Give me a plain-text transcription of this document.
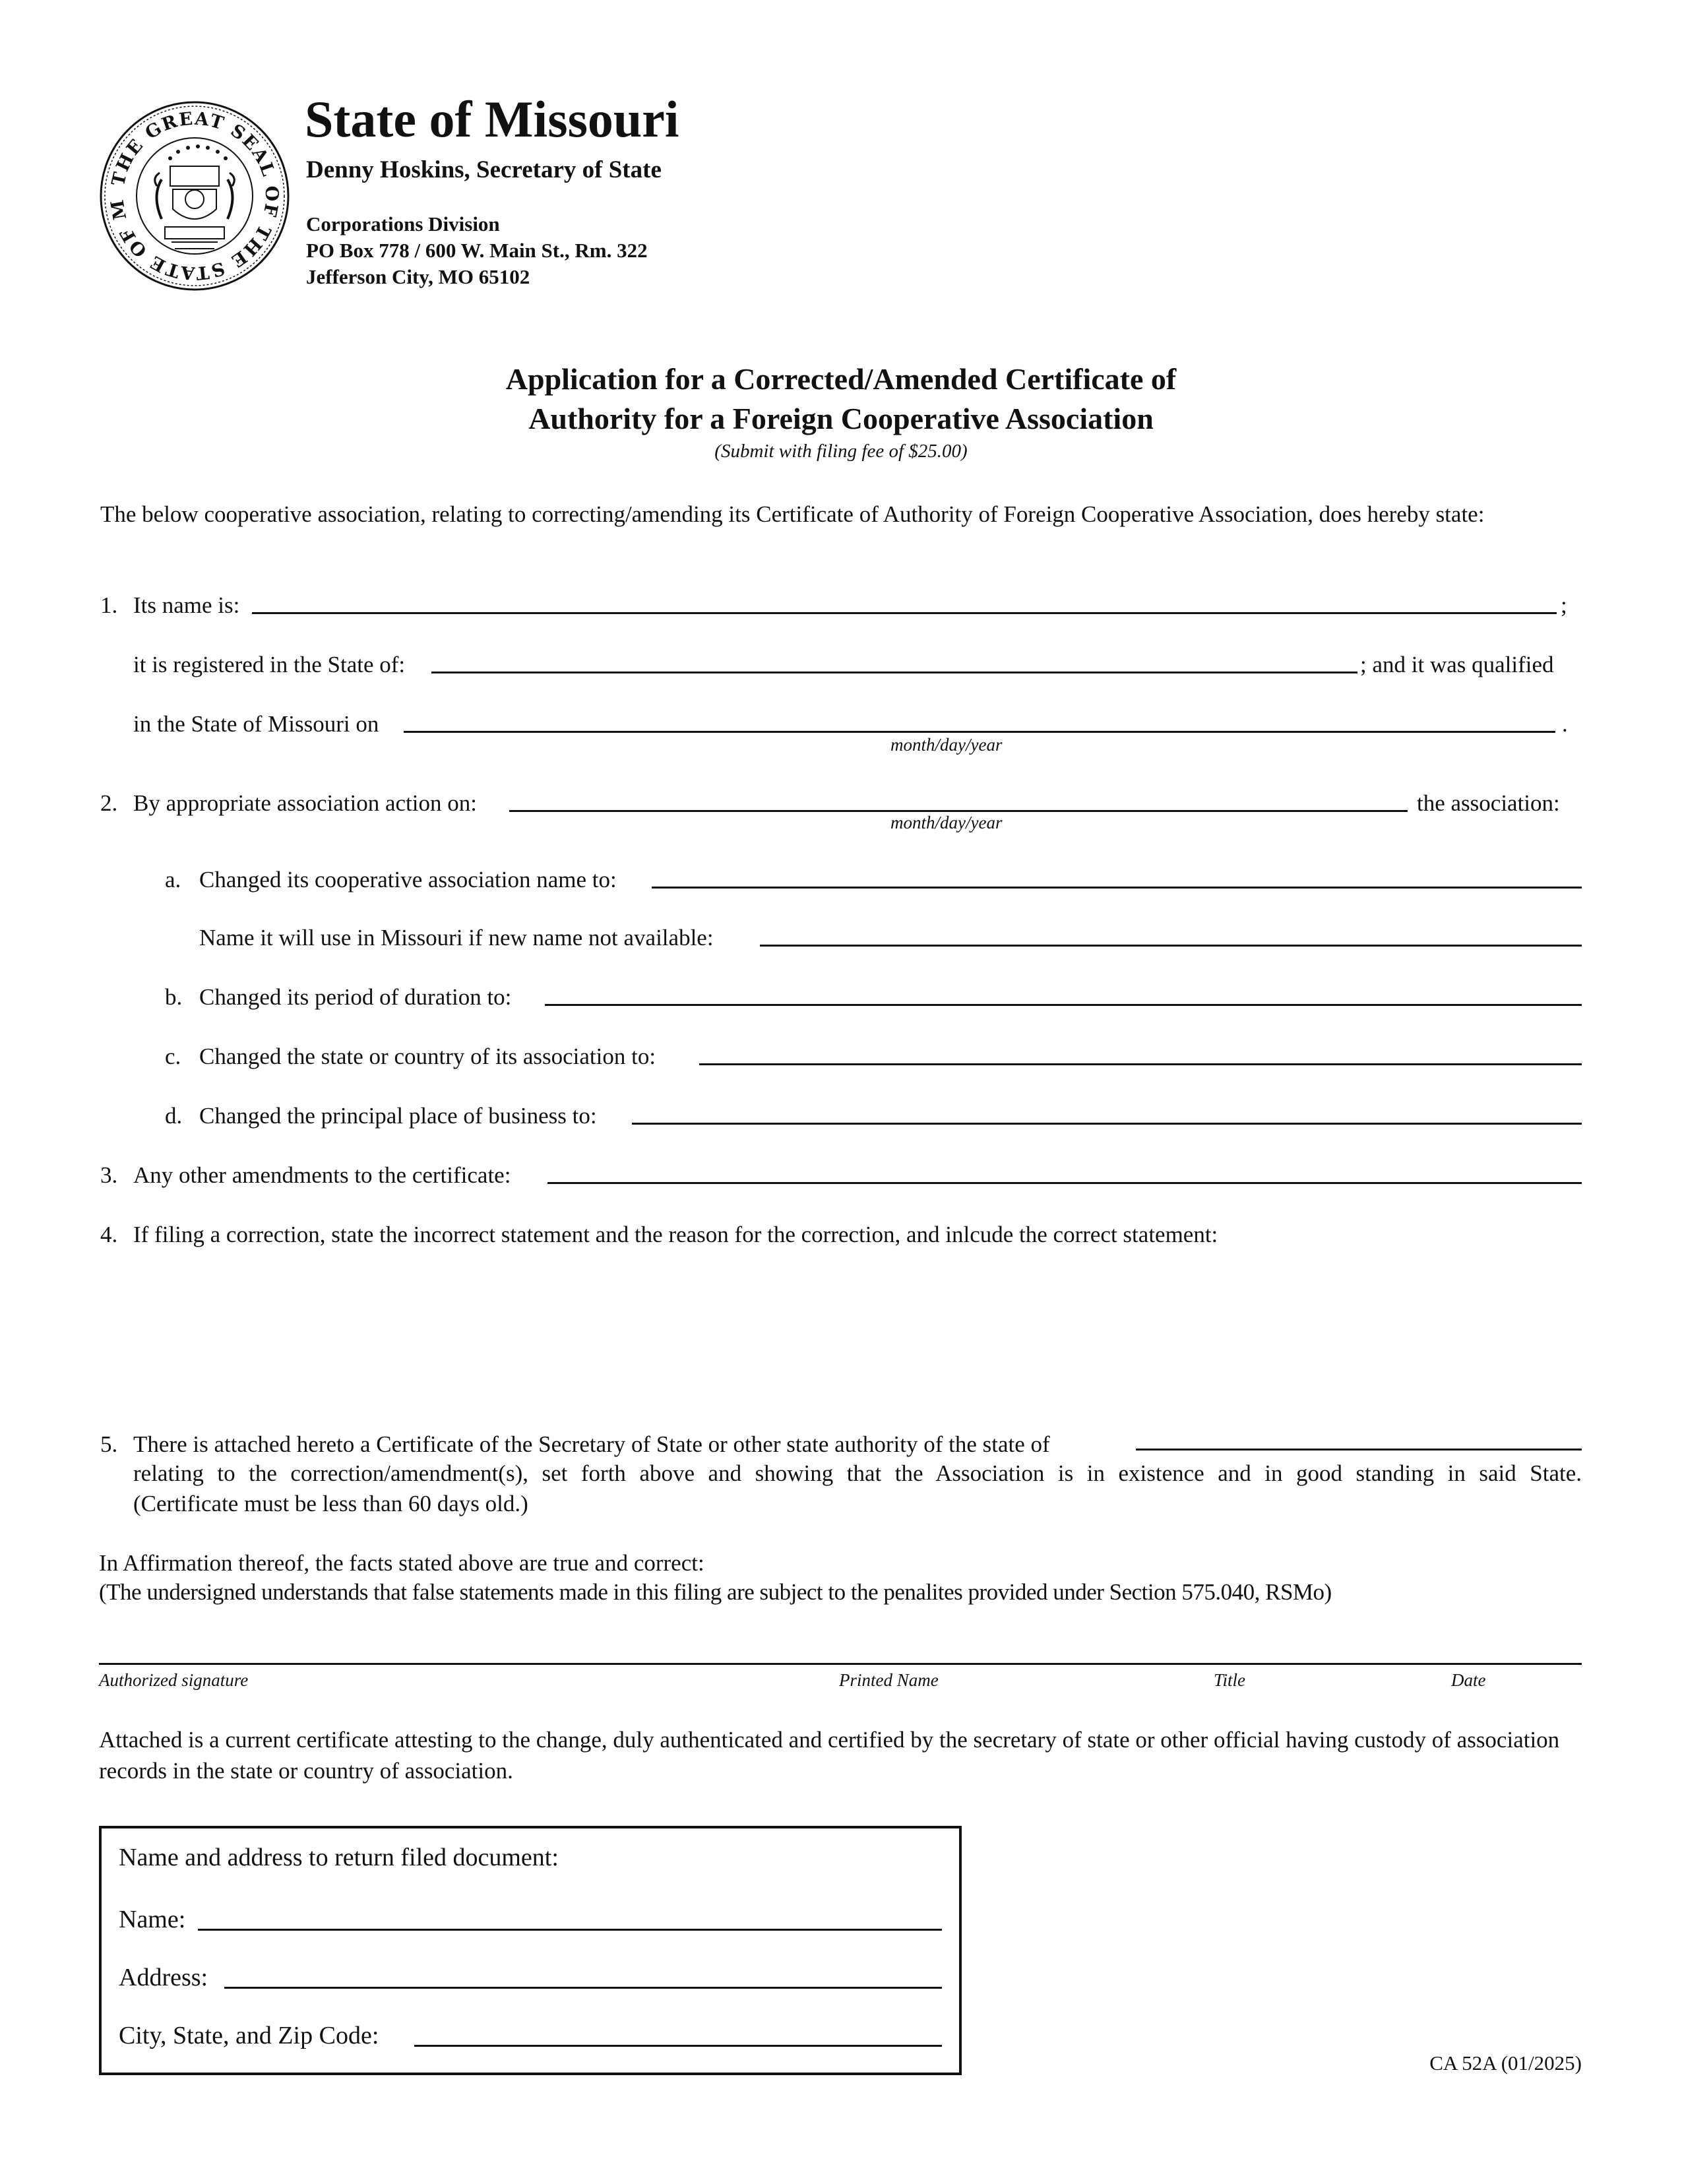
THE GREAT SEAL OF THE STATE OF M
State of Missouri
Denny Hoskins, Secretary of State
Corporations Division
PO Box 778 / 600 W. Main St., Rm. 322
Jefferson City, MO 65102
Application for a Corrected/Amended Certificate of
Authority for a Foreign Cooperative Association
(Submit with filing fee of $25.00)
The below cooperative association, relating to correcting/amending its Certificate of Authority of Foreign Cooperative Association, does hereby state:
1. Its name is:	;
it is registered in the State of:	; and it was qualified
in the State of Missouri on	.
month/day/year
2. By appropriate association action on:	the association:
month/day/year
a. Changed its cooperative association name to:
Name it will use in Missouri if new name not available:
b. Changed its period of duration to:
c. Changed the state or country of its association to:
d. Changed the principal place of business to:
3. Any other amendments to the certificate:
4. If filing a correction, state the incorrect statement and the reason for the correction, and inlcude the correct statement:
5. There is attached hereto a Certificate of the Secretary of State or other state authority of the state of
relating to the correction/amendment(s), set forth above and showing that the Association is in existence and in good standing in said State.
(Certificate must be less than 60 days old.)
In Affirmation thereof, the facts stated above are true and correct:
(The undersigned understands that false statements made in this filing are subject to the penalites provided under Section 575.040, RSMo)
Authorized signature	Printed Name	Title	Date
Attached is a current certificate attesting to the change, duly authenticated and certified by the secretary of state or other official having custody of association records in the state or country of association.
Name and address to return filed document:
Name:
Address:
City, State, and Zip Code:
CA 52A (01/2025)
